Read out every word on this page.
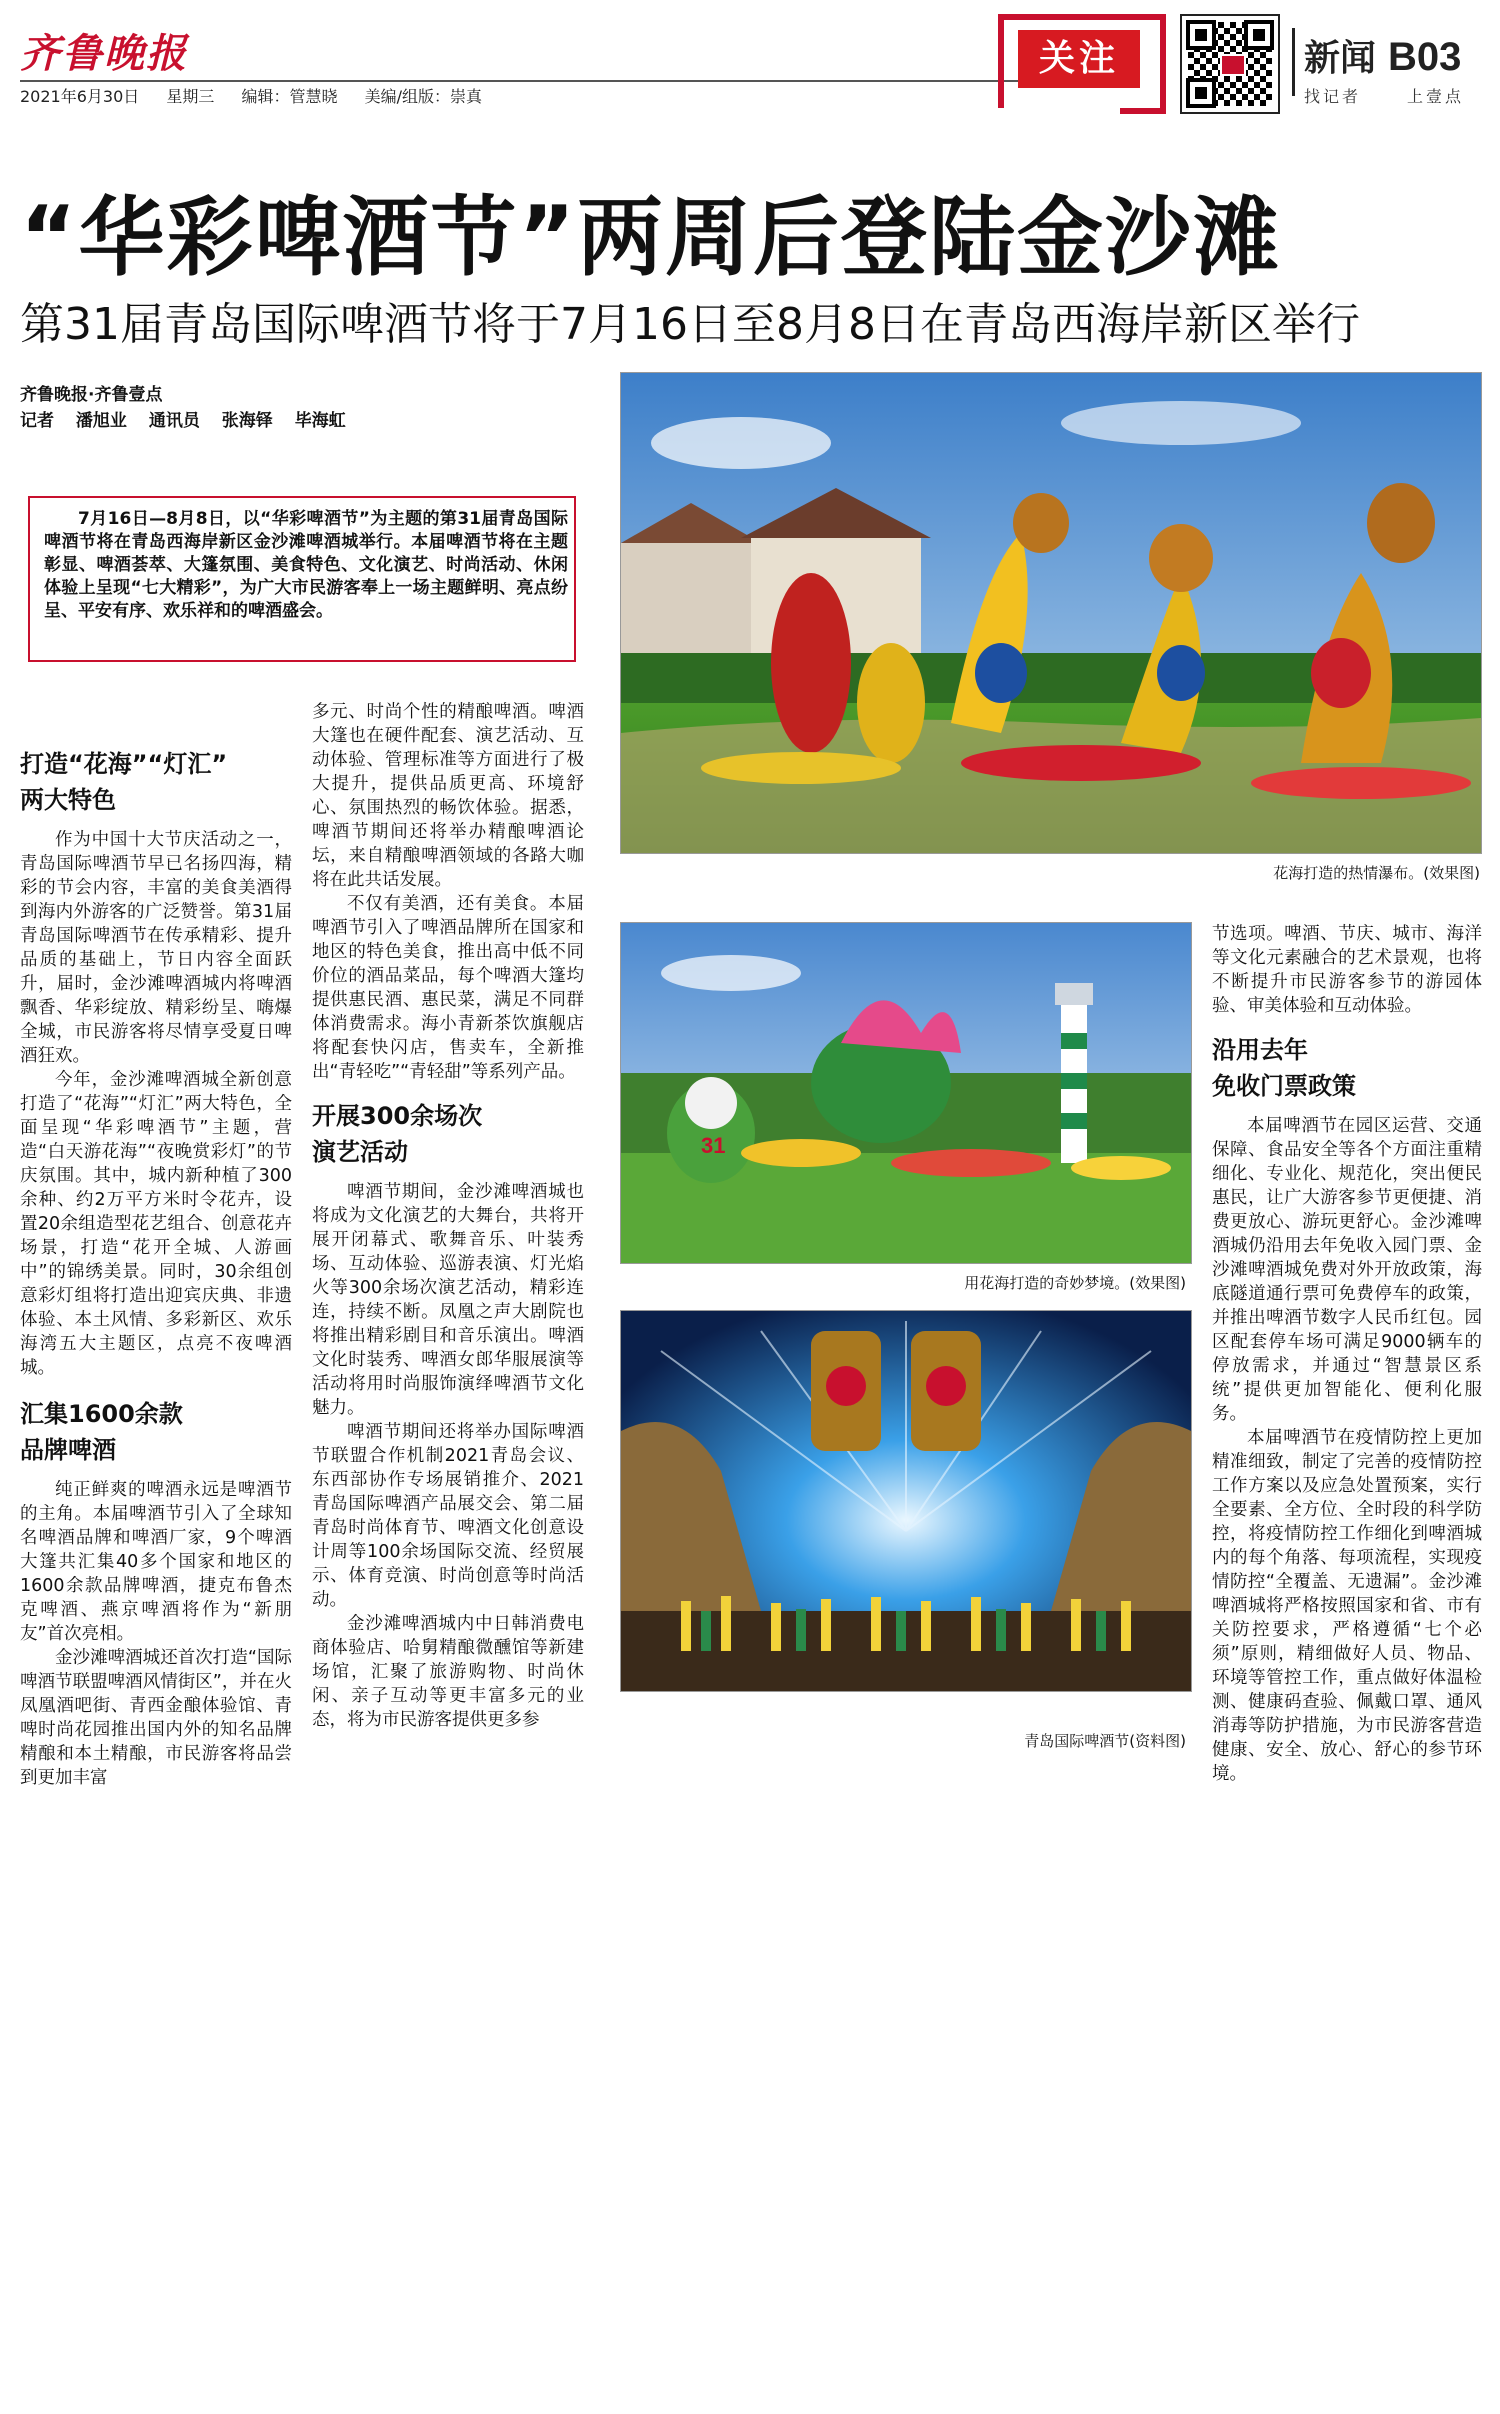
齐鲁晚报
2021年6月30日 星期三 编辑：管慧晓 美编/组版：崇真
关注	新闻 B03
找记者	上壹点
“华彩啤酒节”两周后登陆金沙滩
第31届青岛国际啤酒节将于7月16日至8月8日在青岛西海岸新区举行
齐鲁晚报·齐鲁壹点
记者 潘旭业 通讯员 张海铎 毕海虹
7月16日—8月8日，以“华彩啤酒节”为主题的第31届青岛国际啤酒节将在青岛西海岸新区金沙滩啤酒城举行。本届啤酒节将在主题彰显、啤酒荟萃、大篷氛围、美食特色、文化演艺、时尚活动、休闲体验上呈现“七大精彩”，为广大市民游客奉上一场主题鲜明、亮点纷呈、平安有序、欢乐祥和的啤酒盛会。
打造“花海”“灯汇”
两大特色

作为中国十大节庆活动之一，青岛国际啤酒节早已名扬四海，精彩的节会内容，丰富的美食美酒得到海内外游客的广泛赞誉。第31届青岛国际啤酒节在传承精彩、提升品质的基础上，节日内容全面跃升，届时，金沙滩啤酒城内将啤酒飘香、华彩绽放、精彩纷呈、嗨爆全城，市民游客将尽情享受夏日啤酒狂欢。

今年，金沙滩啤酒城全新创意打造了“花海”“灯汇”两大特色，全面呈现“华彩啤酒节”主题，营造“白天游花海”“夜晚赏彩灯”的节庆氛围。其中，城内新种植了300余种、约2万平方米时令花卉，设置20余组造型花艺组合、创意花卉场景，打造“花开全城、人游画中”的锦绣美景。同时，30余组创意彩灯组将打造出迎宾庆典、非遗体验、本土风情、多彩新区、欢乐海湾五大主题区，点亮不夜啤酒城。

汇集1600余款
品牌啤酒

纯正鲜爽的啤酒永远是啤酒节的主角。本届啤酒节引入了全球知名啤酒品牌和啤酒厂家，9个啤酒大篷共汇集40多个国家和地区的1600余款品牌啤酒，捷克布鲁杰克啤酒、燕京啤酒将作为“新朋友”首次亮相。

金沙滩啤酒城还首次打造“国际啤酒节联盟啤酒风情街区”，并在火凤凰酒吧街、青西金酿体验馆、青啤时尚花园推出国内外的知名品牌精酿和本土精酿，市民游客将品尝到更加丰富

多元、时尚个性的精酿啤酒。啤酒大篷也在硬件配套、演艺活动、互动体验、管理标准等方面进行了极大提升，提供品质更高、环境舒心、氛围热烈的畅饮体验。据悉，啤酒节期间还将举办精酿啤酒论坛，来自精酿啤酒领域的各路大咖将在此共话发展。

不仅有美酒，还有美食。本届啤酒节引入了啤酒品牌所在国家和地区的特色美食，推出高中低不同价位的酒品菜品，每个啤酒大篷均提供惠民酒、惠民菜，满足不同群体消费需求。海小青新茶饮旗舰店将配套快闪店，售卖车，全新推出“青轻吃”“青轻甜”等系列产品。

开展300余场次
演艺活动

啤酒节期间，金沙滩啤酒城也将成为文化演艺的大舞台，共将开展开闭幕式、歌舞音乐、叶装秀场、互动体验、巡游表演、灯光焰火等300余场次演艺活动，精彩连连，持续不断。凤凰之声大剧院也将推出精彩剧目和音乐演出。啤酒文化时装秀、啤酒女郎华服展演等活动将用时尚服饰演绎啤酒节文化魅力。

啤酒节期间还将举办国际啤酒节联盟合作机制2021青岛会议、东西部协作专场展销推介、2021青岛国际啤酒产品展交会、第二届青岛时尚体育节、啤酒文化创意设计周等100余场国际交流、经贸展示、体育竞演、时尚创意等时尚活动。

金沙滩啤酒城内中日韩消费电商体验店、哈舅精酿微醺馆等新建场馆，汇聚了旅游购物、时尚休闲、亲子互动等更丰富多元的业态，将为市民游客提供更多参

节选项。啤酒、节庆、城市、海洋等文化元素融合的艺术景观，也将不断提升市民游客参节的游园体验、审美体验和互动体验。

沿用去年
免收门票政策

本届啤酒节在园区运营、交通保障、食品安全等各个方面注重精细化、专业化、规范化，突出便民惠民，让广大游客参节更便捷、消费更放心、游玩更舒心。金沙滩啤酒城仍沿用去年免收入园门票、金沙滩啤酒城免费对外开放政策，海底隧道通行票可免费停车的政策，并推出啤酒节数字人民币红包。园区配套停车场可满足9000辆车的停放需求，并通过“智慧景区系统”提供更加智能化、便利化服务。

本届啤酒节在疫情防控上更加精准细致，制定了完善的疫情防控工作方案以及应急处置预案，实行全要素、全方位、全时段的科学防控，将疫情防控工作细化到啤酒城内的每个角落、每项流程，实现疫情防控“全覆盖、无遗漏”。金沙滩啤酒城将严格按照国家和省、市有关防控要求，严格遵循“七个必须”原则，精细做好人员、物品、环境等管控工作，重点做好体温检测、健康码查验、佩戴口罩、通风消毒等防护措施，为市民游客营造健康、安全、放心、舒心的参节环境。

花海打造的热情瀑布。(效果图)
31
用花海打造的奇妙梦境。(效果图)
青岛国际啤酒节(资料图)
